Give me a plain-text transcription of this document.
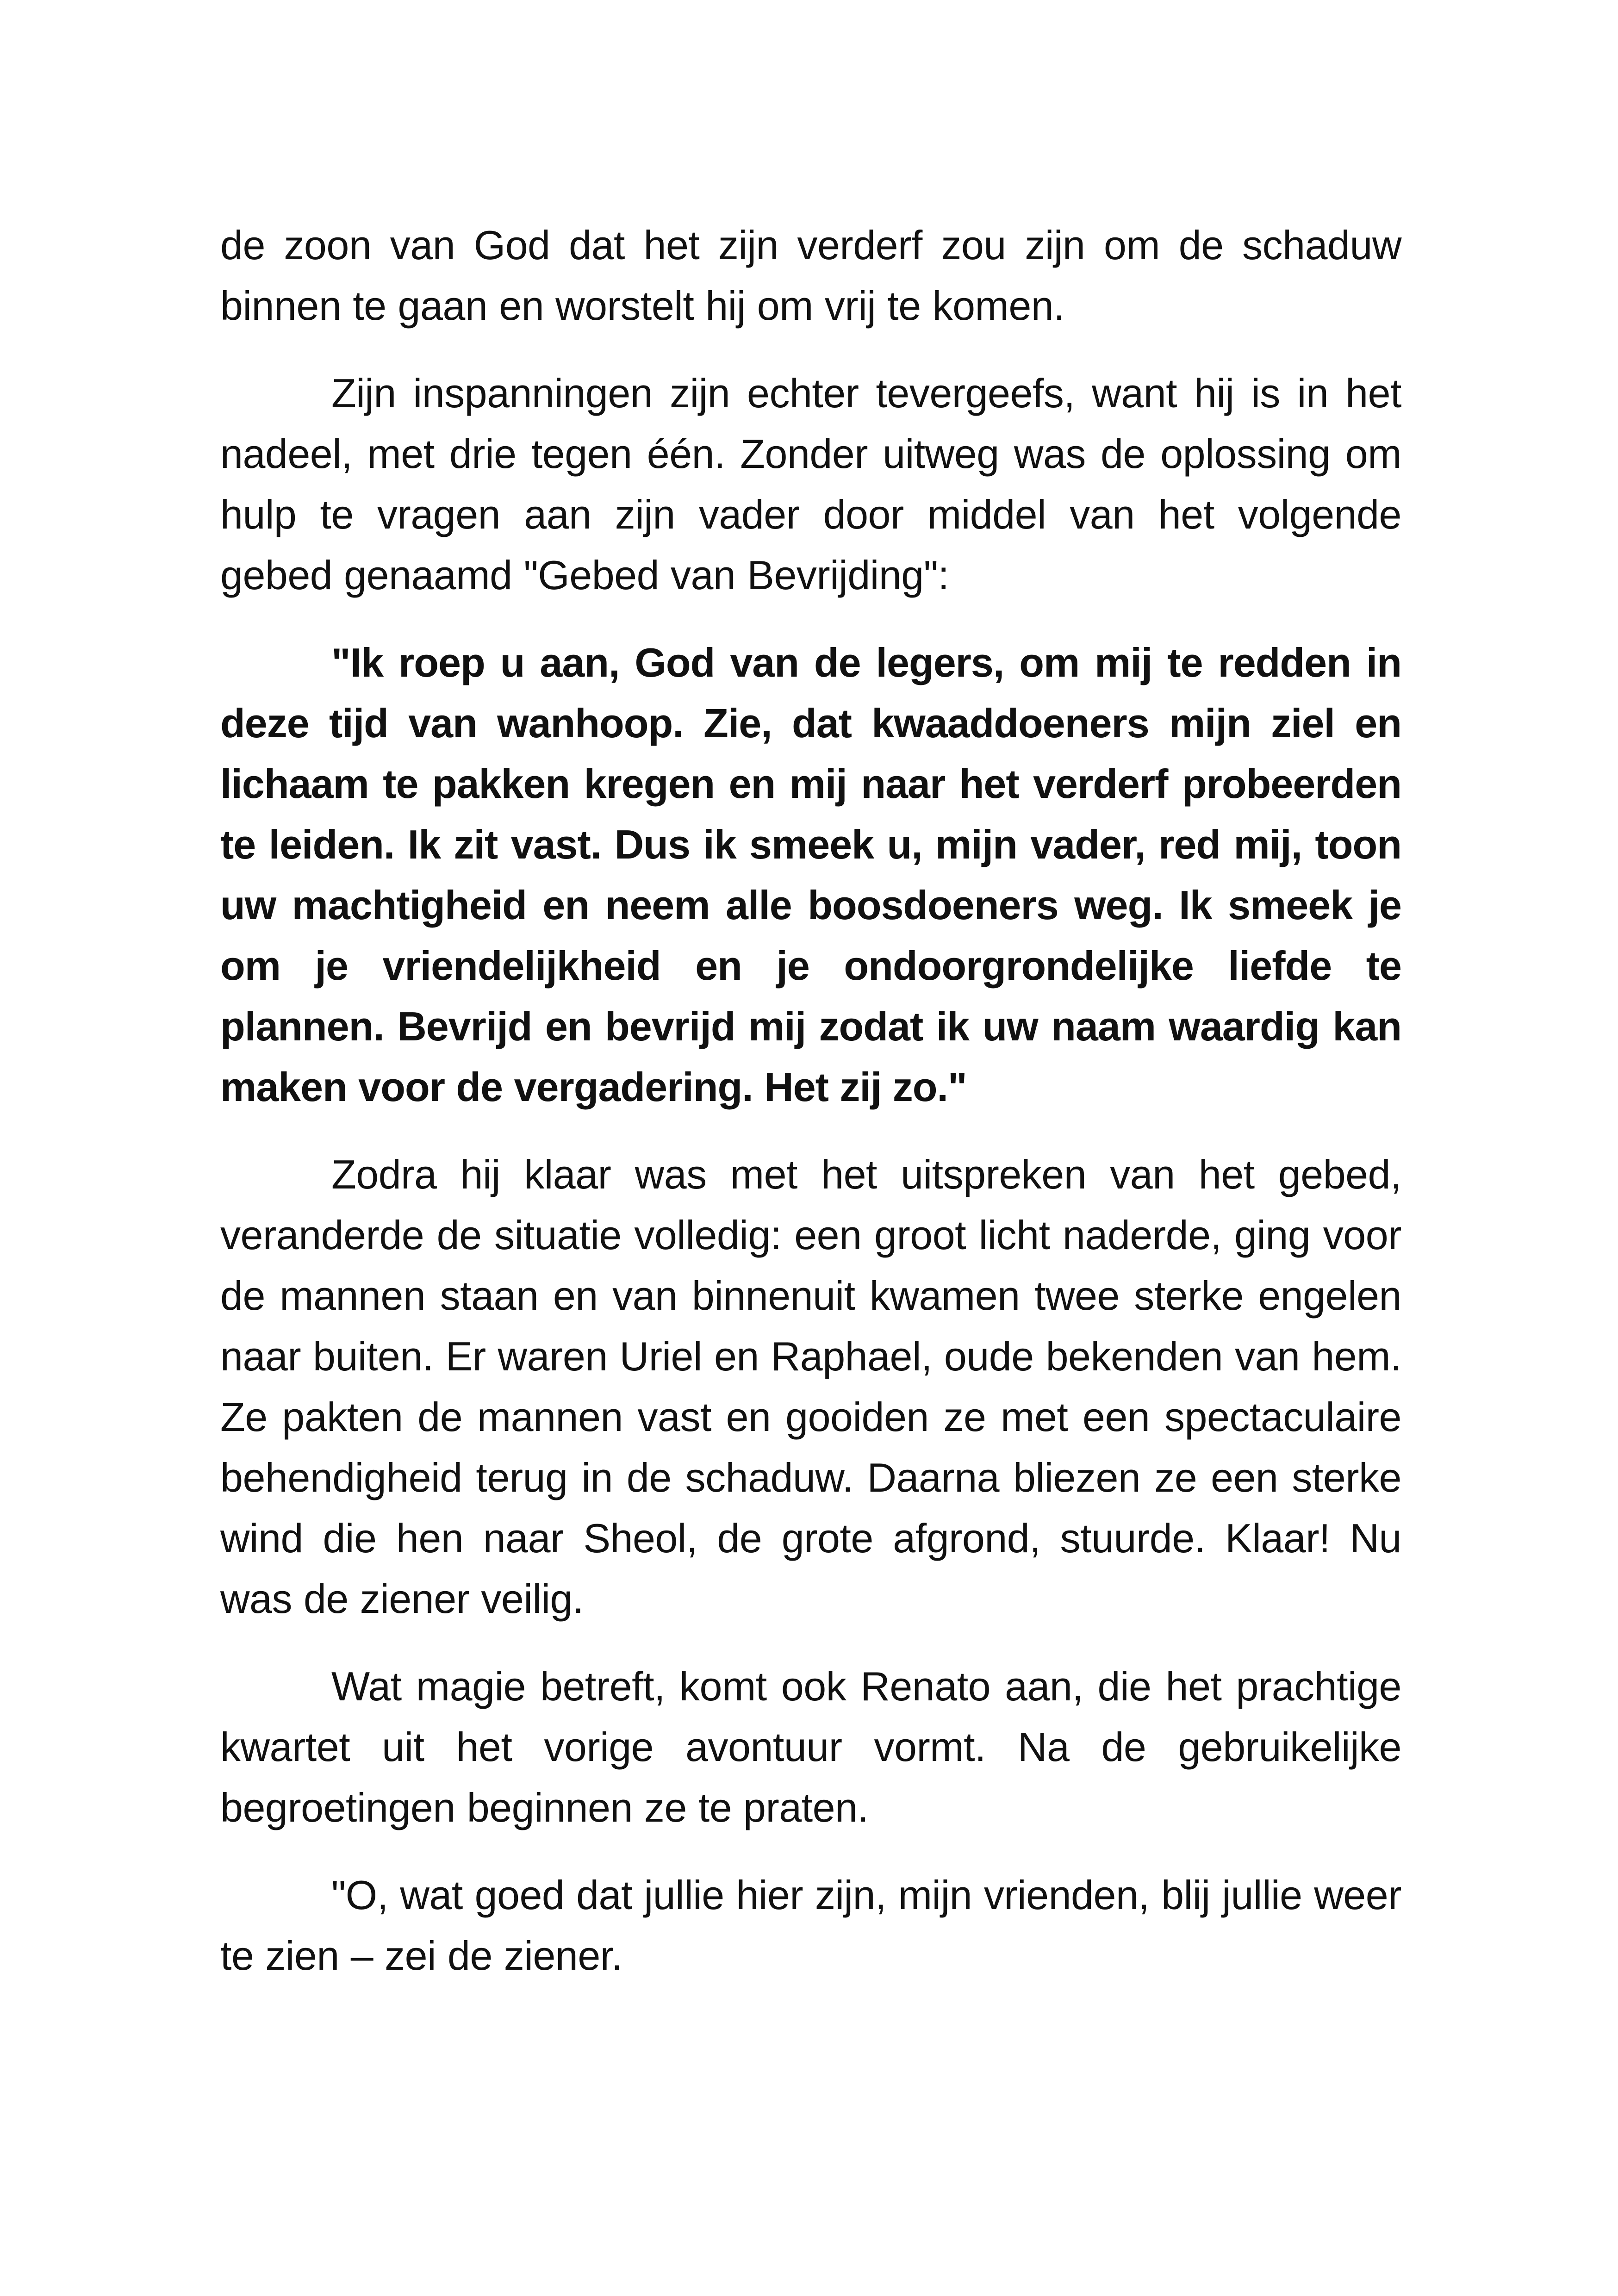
de zoon van God dat het zijn verderf zou zijn om de schaduw binnen te gaan en worstelt hij om vrij te komen.

Zijn inspanningen zijn echter tevergeefs, want hij is in het nadeel, met drie tegen één. Zonder uitweg was de oplossing om hulp te vragen aan zijn vader door middel van het volgende gebed genaamd "Gebed van Bevrijding":

"Ik roep u aan, God van de legers, om mij te redden in deze tijd van wanhoop. Zie, dat kwaaddoeners mijn ziel en lichaam te pakken kregen en mij naar het verderf probeerden te leiden. Ik zit vast. Dus ik smeek u, mijn vader, red mij, toon uw machtigheid en neem alle boosdoeners weg. Ik smeek je om je vriendelijkheid en je ondoorgrondelijke liefde te plannen. Bevrijd en bevrijd mij zodat ik uw naam waardig kan maken voor de vergadering. Het zij zo."

Zodra hij klaar was met het uitspreken van het gebed, veranderde de situatie volledig: een groot licht naderde, ging voor de mannen staan en van binnenuit kwamen twee sterke engelen naar buiten. Er waren Uriel en Raphael, oude bekenden van hem. Ze pakten de mannen vast en gooiden ze met een spectaculaire behendigheid terug in de schaduw. Daarna bliezen ze een sterke wind die hen naar Sheol, de grote afgrond, stuurde. Klaar! Nu was de ziener veilig.

Wat magie betreft, komt ook Renato aan, die het prachtige kwartet uit het vorige avontuur vormt. Na de gebruikelijke begroetingen beginnen ze te praten.

"O, wat goed dat jullie hier zijn, mijn vrienden, blij jullie weer te zien – zei de ziener.
